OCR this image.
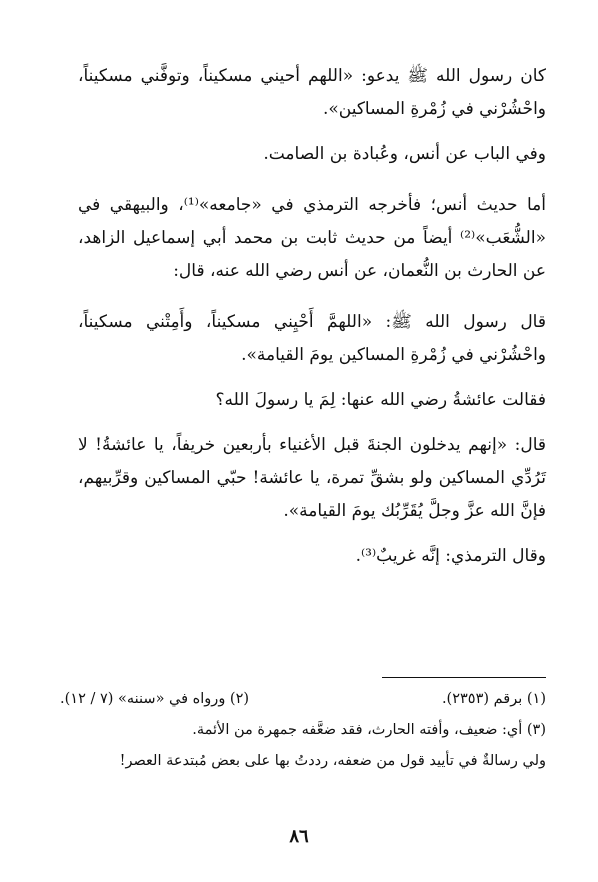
كان رسول الله ﷺ يدعو: «اللهم أحيني مسكيناً، وتوفَّني مسكيناً، واحْشُرْني في زُمْرةِ المساكين».

وفي الباب عن أنس، وعُبادة بن الصامت.

أما حديث أنس؛ فأخرجه الترمذي في «جامعه»⁽¹⁾، والبيهقي في «الشُّعَب»⁽²⁾ أيضاً من حديث ثابت بن محمد أبي إسماعيل الزاهد، عن الحارث بن النُّعمان، عن أنس رضي الله عنه، قال:

قال رسول الله ﷺ: «اللهمَّ أَحْيِني مسكيناً، وأَمِتْني مسكيناً، واحْشُرْني في زُمْرةِ المساكين يومَ القيامة».

فقالت عائشةُ رضي الله عنها: لِمَ يا رسولَ الله؟

قال: «إنهم يدخلون الجنةَ قبل الأغنياء بأربعين خريفاً، يا عائشةُ! لا تَرُدِّي المساكين ولو بشقِّ تمرة، يا عائشة! حبّي المساكين وقرِّبيهم، فإنَّ الله عزَّ وجلَّ يُقَرِّبُك يومَ القيامة».

وقال الترمذي: إنَّه غريبٌ⁽³⁾.

(١) برقم (٢٣٥٣).
(٢) ورواه في «سننه» (٧ / ١٢).
(٣) أي: ضعيف، وأفته الحارث، فقد ضعَّفه جمهرة من الأئمة.
ولي رسالةٌ في تأييد قول من ضعفه، رددتُ بها على بعض مُبتدعة العصر!
٨٦
